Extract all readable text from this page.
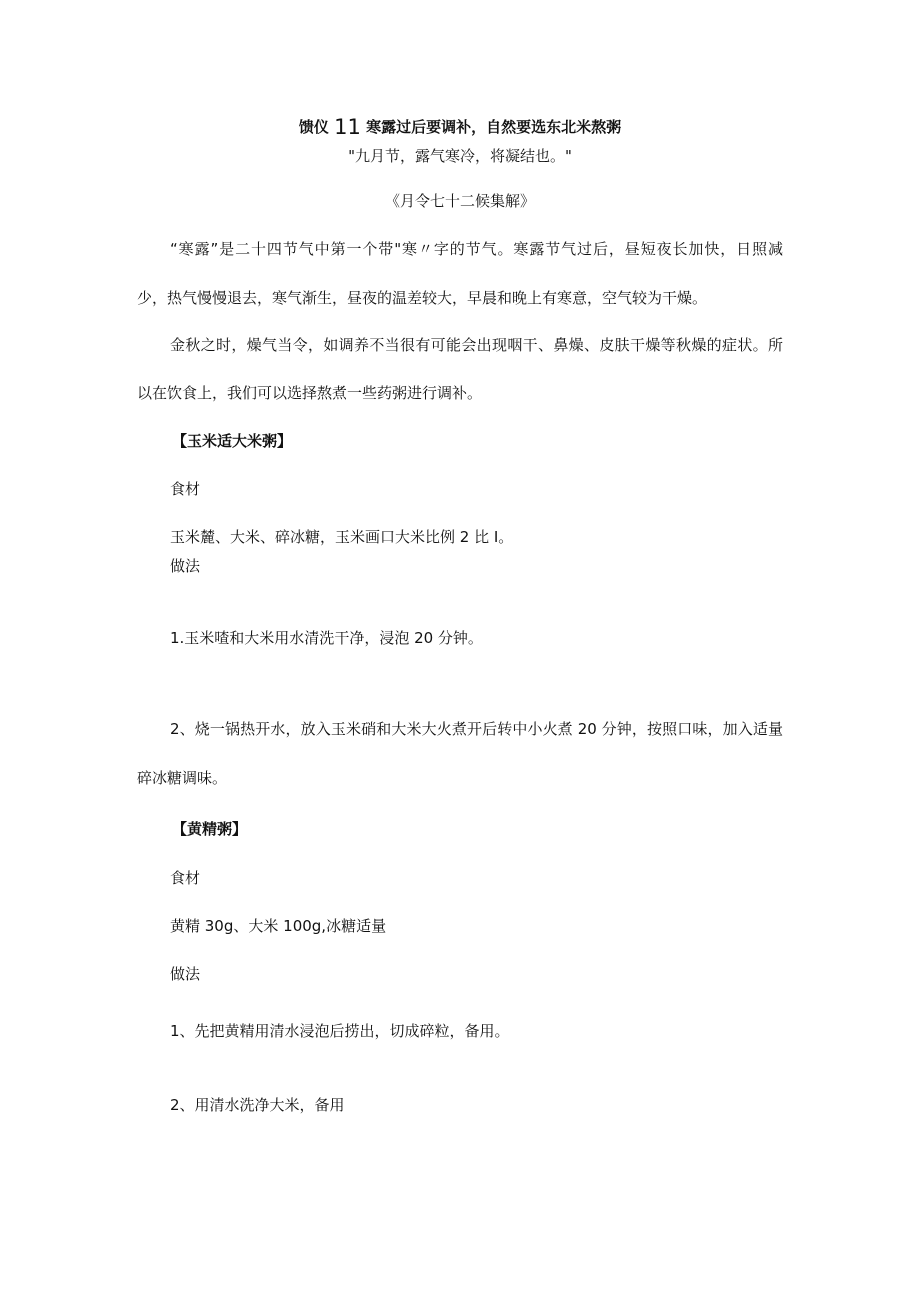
馈仪 11 寒露过后要调补，自然要选东北米熬粥
"九月节，露气寒冷，将凝结也。"
《月令七十二候集解》
“寒露”是二十四节气中第一个带"寒〃字的节气。寒露节气过后，昼短夜长加快，日照减
少，热气慢慢退去，寒气渐生，昼夜的温差较大，早晨和晚上有寒意，空气较为干燥。
金秋之时，燥气当令，如调养不当很有可能会出现咽干、鼻燥、皮肤干燥等秋燥的症状。所
以在饮食上，我们可以选择熬煮一些药粥进行调补。
【玉米适大米粥】
食材
玉米麓、大米、碎冰糖，玉米画口大米比例 2 比 I。
做法
1.玉米喳和大米用水清洗干净，浸泡 20 分钟。
2、烧一锅热开水，放入玉米硝和大米大火煮开后转中小火煮 20 分钟，按照口味，加入适量
碎冰糖调味。
【黄精粥】
食材
黄精 30g、大米 100g,冰糖适量
做法
1、先把黄精用清水浸泡后捞出，切成碎粒，备用。
2、用清水洗净大米，备用
